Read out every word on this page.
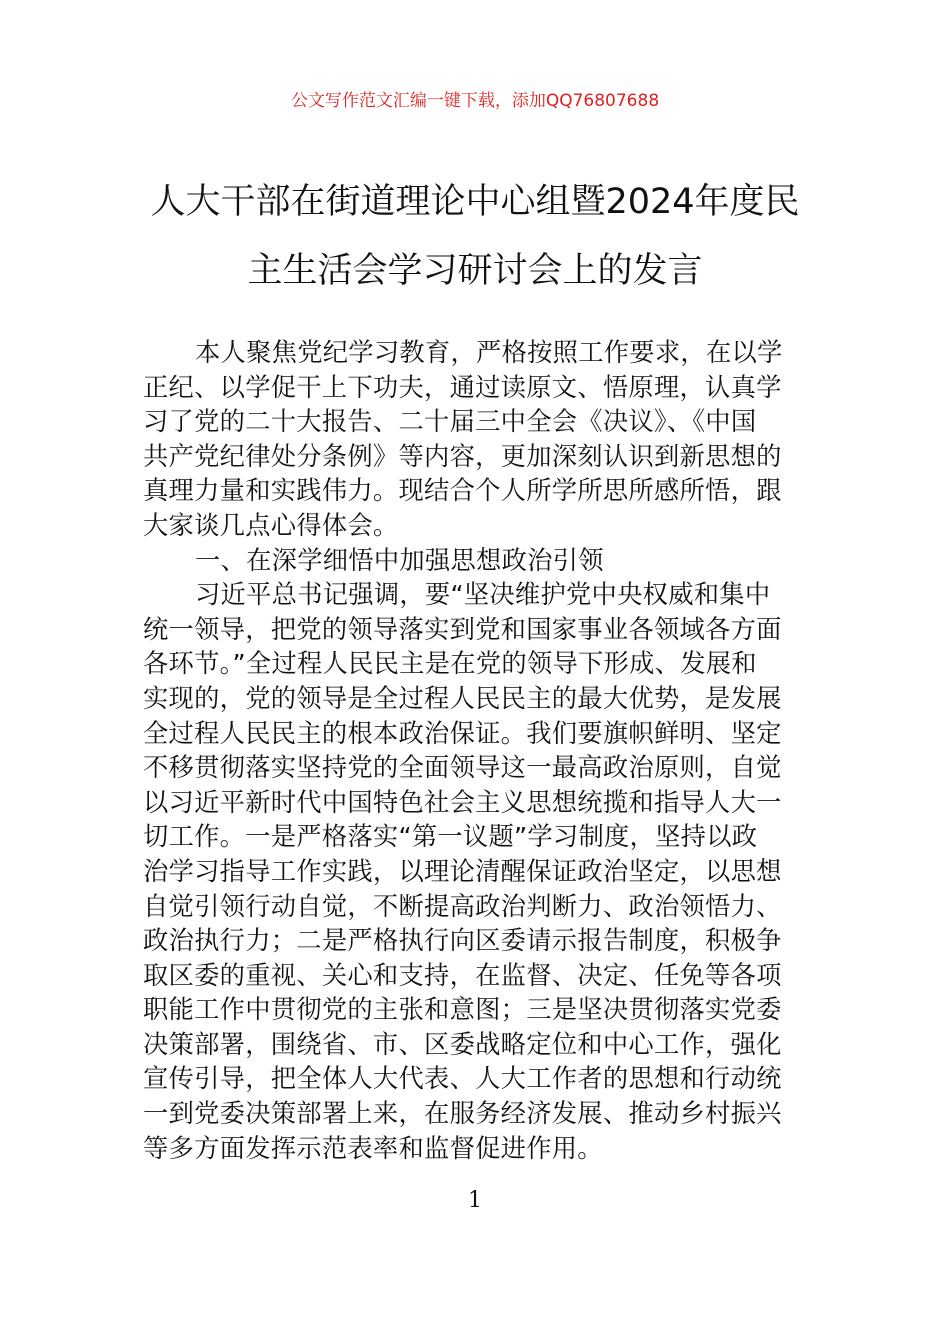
公文写作范文汇编一键下载，添加QQ76807688
人大干部在街道理论中心组暨2024年度民
主生活会学习研讨会上的发言
本人聚焦党纪学习教育，严格按照工作要求，在以学
正纪、以学促干上下功夫，通过读原文、悟原理，认真学
习了党的二十大报告、二十届三中全会《决议》、《中国
共产党纪律处分条例》等内容，更加深刻认识到新思想的
真理力量和实践伟力。现结合个人所学所思所感所悟，跟
大家谈几点心得体会。
一、在深学细悟中加强思想政治引领
习近平总书记强调，要“坚决维护党中央权威和集中
统一领导，把党的领导落实到党和国家事业各领域各方面
各环节。”全过程人民民主是在党的领导下形成、发展和
实现的，党的领导是全过程人民民主的最大优势，是发展
全过程人民民主的根本政治保证。我们要旗帜鲜明、坚定
不移贯彻落实坚持党的全面领导这一最高政治原则，自觉
以习近平新时代中国特色社会主义思想统揽和指导人大一
切工作。一是严格落实“第一议题”学习制度，坚持以政
治学习指导工作实践，以理论清醒保证政治坚定，以思想
自觉引领行动自觉，不断提高政治判断力、政治领悟力、
政治执行力；二是严格执行向区委请示报告制度，积极争
取区委的重视、关心和支持，在监督、决定、任免等各项
职能工作中贯彻党的主张和意图；三是坚决贯彻落实党委
决策部署，围绕省、市、区委战略定位和中心工作，强化
宣传引导，把全体人大代表、人大工作者的思想和行动统
一到党委决策部署上来，在服务经济发展、推动乡村振兴
等多方面发挥示范表率和监督促进作用。
1
